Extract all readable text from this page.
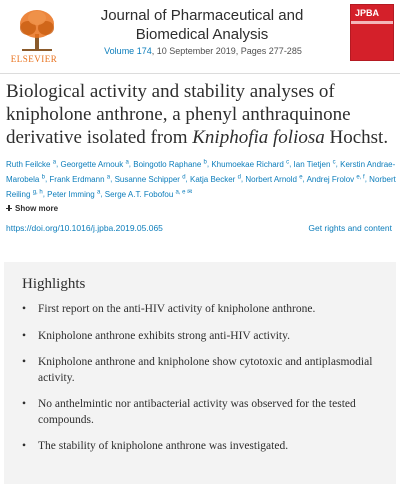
ELSEVIER
Journal of Pharmaceutical and Biomedical Analysis
Volume 174, 10 September 2019, Pages 277-285
JPBA
Biological activity and stability analyses of knipholone anthrone, a phenyl anthraquinone derivative isolated from Kniphofia foliosa Hochst.
Ruth Feilcke $^a$, Georgette Arnouk $^a$, Boingotlo Raphane $^b$, Khumoekae Richard $^c$, Ian Tietjen $^c$, Kerstin Andrae-Marobela $^b$, Frank Erdmann $^a$, Susanne Schipper $^d$, Katja Becker $^d$, Norbert Arnold $^e$, Andrej Frolov $^{e, f}$, Norbert Reiling $^{g, h}$, Peter Imming $^a$, Serge A.T. Fobofou $^{a, e ✉}$
Show more
https://doi.org/10.1016/j.jpba.2019.05.065	Get rights and content
Highlights
• First report on the anti-HIV activity of knipholone anthrone.
• Knipholone anthrone exhibits strong anti-HIV activity.
• Knipholone anthrone and knipholone show cytotoxic and antiplasmodial activity.
• No anthelmintic nor antibacterial activity was observed for the tested compounds.
• The stability of knipholone anthrone was investigated.
